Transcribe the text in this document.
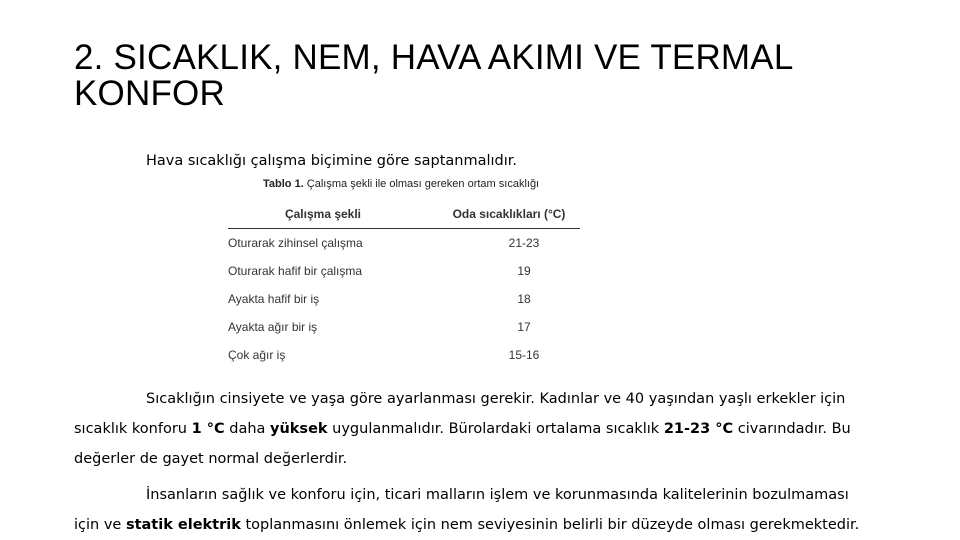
2. SICAKLIK, NEM, HAVA AKIMI VE TERMAL
KONFOR
Hava sıcaklığı çalışma biçimine göre saptanmalıdır.
Tablo 1. Çalışma şekli ile olması gereken ortam sıcaklığı
Çalışma şekli	Oda sıcaklıkları (°C)
Oturarak zihinsel çalışma	21-23
Oturarak hafif bir çalışma	19
Ayakta hafif bir iş	18
Ayakta ağır bir iş	17
Çok ağır iş	15-16
Sıcaklığın cinsiyete ve yaşa göre ayarlanması gerekir. Kadınlar ve 40 yaşından yaşlı erkekler için
sıcaklık konforu 1 °C daha yüksek uygulanmalıdır. Bürolardaki ortalama sıcaklık 21-23 °C civarındadır. Bu
değerler de gayet normal değerlerdir.
İnsanların sağlık ve konforu için, ticari malların işlem ve korunmasında kalitelerinin bozulmaması
için ve statik elektrik toplanmasını önlemek için nem seviyesinin belirli bir düzeyde olması gerekmektedir.
